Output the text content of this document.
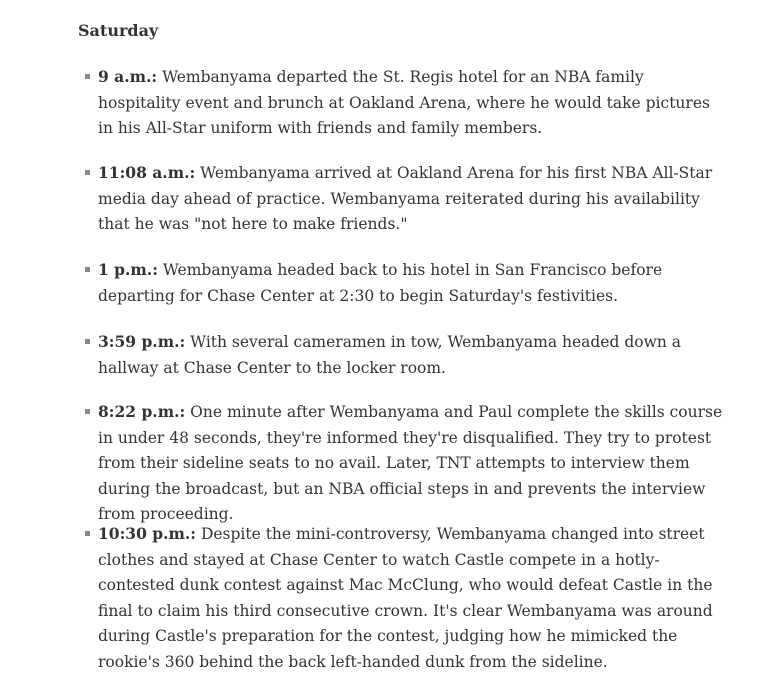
Saturday
9 a.m.: Wembanyama departed the St. Regis hotel for an NBA family hospitality event and brunch at Oakland Arena, where he would take pictures in his All-Star uniform with friends and family members.
11:08 a.m.: Wembanyama arrived at Oakland Arena for his first NBA All-Star media day ahead of practice. Wembanyama reiterated during his availability that he was "not here to make friends."
1 p.m.: Wembanyama headed back to his hotel in San Francisco before departing for Chase Center at 2:30 to begin Saturday's festivities.
3:59 p.m.: With several cameramen in tow, Wembanyama headed down a hallway at Chase Center to the locker room.
8:22 p.m.: One minute after Wembanyama and Paul complete the skills course in under 48 seconds, they're informed they're disqualified. They try to protest from their sideline seats to no avail. Later, TNT attempts to interview them during the broadcast, but an NBA official steps in and prevents the interview from proceeding.
10:30 p.m.: Despite the mini-controversy, Wembanyama changed into street clothes and stayed at Chase Center to watch Castle compete in a hotly-contested dunk contest against Mac McClung, who would defeat Castle in the final to claim his third consecutive crown. It's clear Wembanyama was around during Castle's preparation for the contest, judging how he mimicked the rookie's 360 behind the back left-handed dunk from the sideline.
